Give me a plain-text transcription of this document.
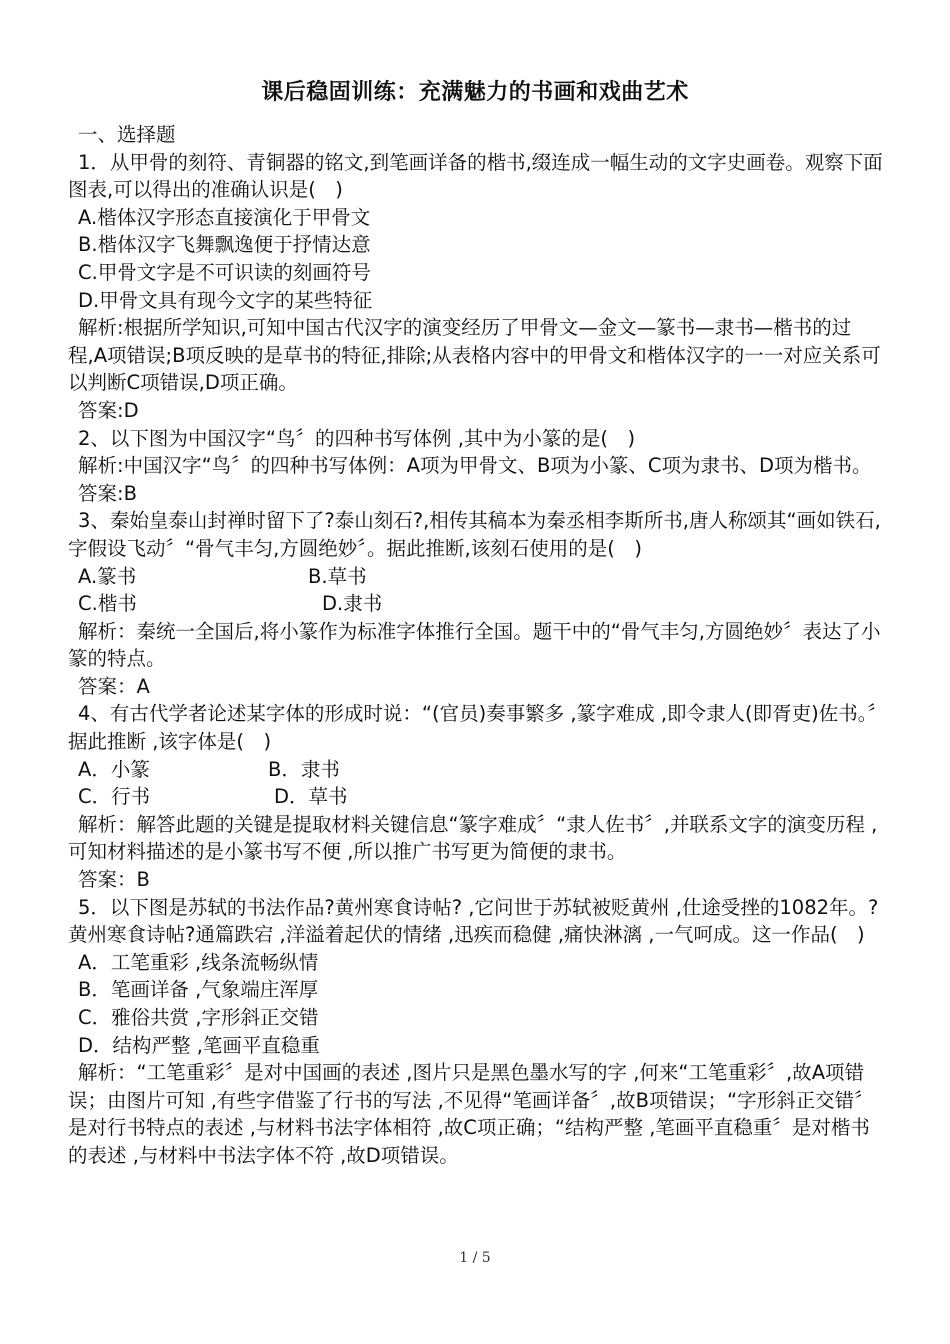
课后稳固训练：充满魅力的书画和戏曲艺术

一、选择题

1．从甲骨的刻符、青铜器的铭文,到笔画详备的楷书,缀连成一幅生动的文字史画卷。观察下面图表,可以得出的准确认识是(　)

A.楷体汉字形态直接演化于甲骨文

B.楷体汉字飞舞飘逸便于抒情达意

C.甲骨文字是不可识读的刻画符号

D.甲骨文具有现今文字的某些特征

解析:根据所学知识,可知中国古代汉字的演变经历了甲骨文—金文—篆书—隶书—楷书的过程,A项错误;B项反映的是草书的特征,排除;从表格内容中的甲骨文和楷体汉字的一一对应关系可以判断C项错误,D项正确。

答案:D

2、以下图为中国汉字“鸟〞的四种书写体例 ,其中为小篆的是(　)

解析:中国汉字“鸟〞的四种书写体例：A项为甲骨文、B项为小篆、C项为隶书、D项为楷书。

答案:B

3、秦始皇泰山封禅时留下了?泰山刻石?,相传其稿本为秦丞相李斯所书,唐人称颂其“画如铁石,字假设飞动〞“骨气丰匀,方圆绝妙〞。据此推断,该刻石使用的是(　)

A.篆书	B.草书
C.楷书	D.隶书

解析：秦统一全国后,将小篆作为标准字体推行全国。题干中的“骨气丰匀,方圆绝妙〞表达了小篆的特点。

答案：A

4、有古代学者论述某字体的形成时说：“(官员)奏事繁多 ,篆字难成 ,即令隶人(即胥吏)佐书。〞据此推断 ,该字体是(　)

A．小篆	B．隶书
C．行书	D．草书

解析：解答此题的关键是提取材料关键信息“篆字难成〞“隶人佐书〞,并联系文字的演变历程 ,可知材料描述的是小篆书写不便 ,所以推广书写更为简便的隶书。

答案：B

5．以下图是苏轼的书法作品?黄州寒食诗帖? ,它问世于苏轼被贬黄州 ,仕途受挫的1082年。?黄州寒食诗帖?通篇跌宕 ,洋溢着起伏的情绪 ,迅疾而稳健 ,痛快淋漓 ,一气呵成。这一作品(　)

A．工笔重彩 ,线条流畅纵情

B．笔画详备 ,气象端庄浑厚

C．雅俗共赏 ,字形斜正交错

D．结构严整 ,笔画平直稳重

解析：“工笔重彩〞是对中国画的表述 ,图片只是黑色墨水写的字 ,何来“工笔重彩〞,故A项错误；由图片可知 ,有些字借鉴了行书的写法 ,不见得“笔画详备〞,故B项错误；“字形斜正交错〞是对行书特点的表述 ,与材料书法字体相符 ,故C项正确；“结构严整 ,笔画平直稳重〞是对楷书的表述 ,与材料中书法字体不符 ,故D项错误。

1 / 5
